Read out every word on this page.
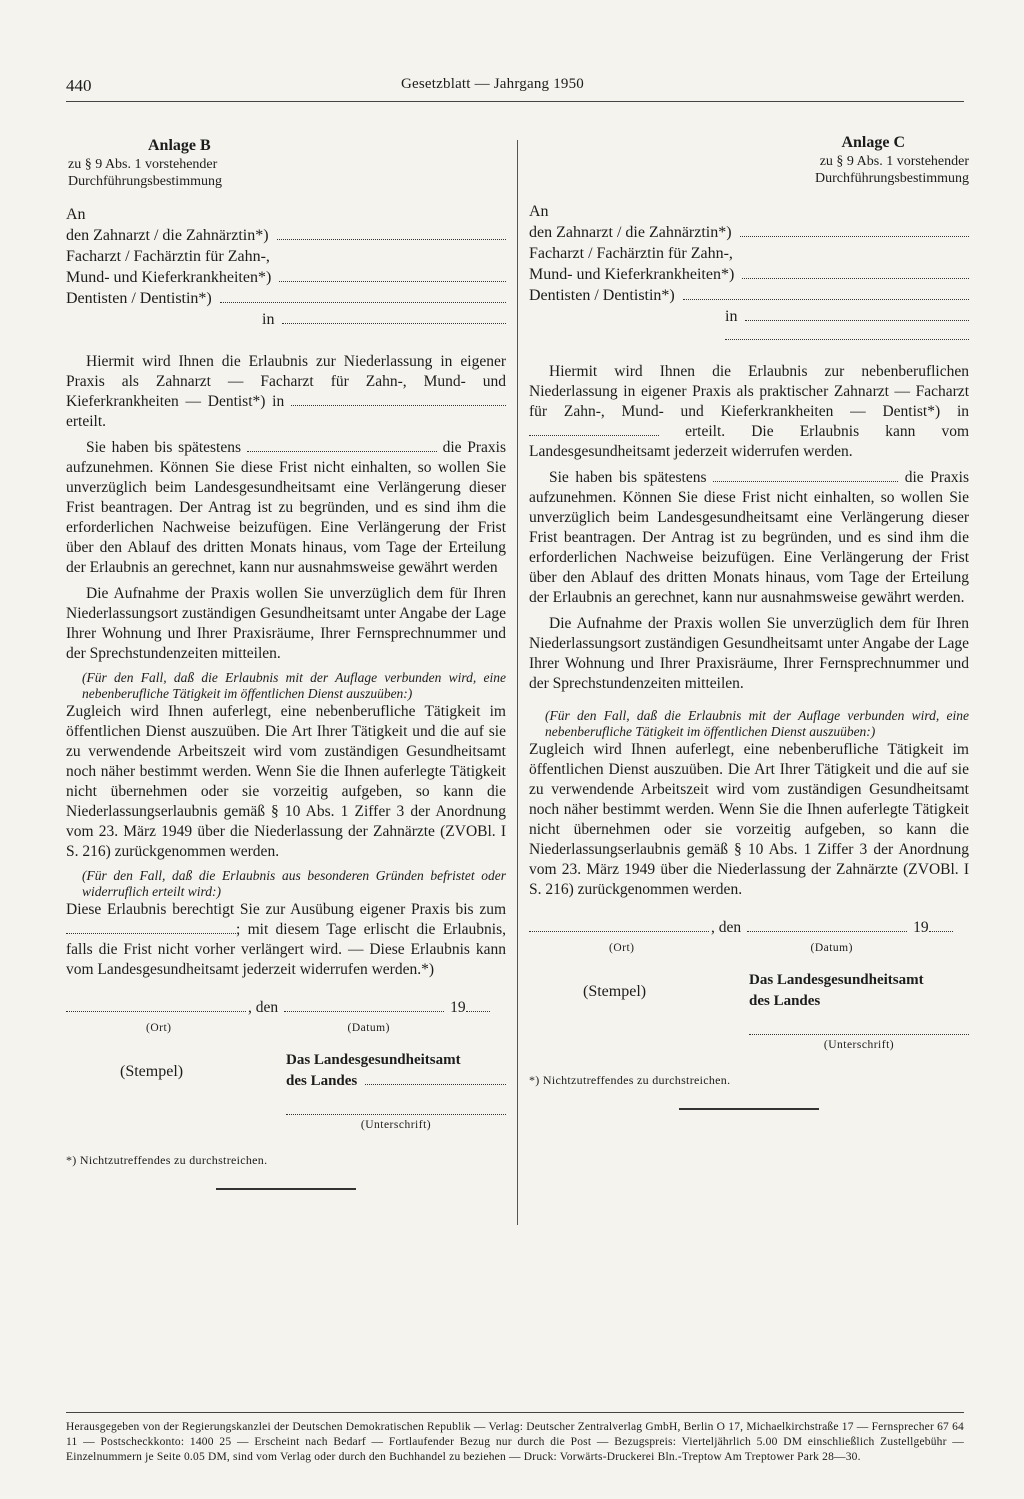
440	Gesetzblatt — Jahrgang 1950
Anlage B
zu § 9 Abs. 1 vorstehender
Durchführungsbestimmung
An
den Zahnarzt / die Zahnärztin*)
Facharzt / Fachärztin für Zahn-,
Mund- und Kieferkrankheiten*)
Dentisten / Dentistin*)
in

Hiermit wird Ihnen die Erlaubnis zur Niederlassung in eigener Praxis als Zahnarzt — Facharzt für Zahn-, Mund- und Kieferkrankheiten — Dentist*) in  erteilt.

Sie haben bis spätestens	die Praxis aufzunehmen. Können Sie diese Frist nicht einhalten, so wollen Sie unverzüglich beim Landesgesundheitsamt eine Verlängerung dieser Frist beantragen. Der Antrag ist zu begründen, und es sind ihm die erforderlichen Nachweise beizufügen. Eine Verlängerung der Frist über den Ablauf des dritten Monats hinaus, vom Tage der Erteilung der Erlaubnis an gerechnet, kann nur ausnahmsweise gewährt werden

Die Aufnahme der Praxis wollen Sie unverzüglich dem für Ihren Niederlassungsort zuständigen Gesundheitsamt unter Angabe der Lage Ihrer Wohnung und Ihrer Praxisräume, Ihrer Fernsprechnummer und der Sprechstundenzeiten mitteilen.

(Für den Fall, daß die Erlaubnis mit der Auflage verbunden wird, eine nebenberufliche Tätigkeit im öffentlichen Dienst auszuüben:)

Zugleich wird Ihnen auferlegt, eine nebenberufliche Tätigkeit im öffentlichen Dienst auszuüben. Die Art Ihrer Tätigkeit und die auf sie zu verwendende Arbeitszeit wird vom zuständigen Gesundheitsamt noch näher bestimmt werden. Wenn Sie die Ihnen auferlegte Tätigkeit nicht übernehmen oder sie vorzeitig aufgeben, so kann die Niederlassungserlaubnis gemäß § 10 Abs. 1 Ziffer 3 der Anordnung vom 23. März 1949 über die Niederlassung der Zahnärzte (ZVOBl. I S. 216) zurückgenommen werden.

(Für den Fall, daß die Erlaubnis aus besonderen Gründen befristet oder widerruflich erteilt wird:)

Diese Erlaubnis berechtigt Sie zur Ausübung eigener Praxis bis zum ; mit diesem Tage erlischt die Erlaubnis, falls die Frist nicht vorher verlängert wird. — Diese Erlaubnis kann vom Landesgesundheitsamt jederzeit widerrufen werden.*)

, den	19
(Ort)	(Datum)
(Stempel)
Das Landesgesundheitsamt
des Landes
(Unterschrift)
*) Nichtzutreffendes zu durchstreichen.
Anlage C
zu § 9 Abs. 1 vorstehender
Durchführungsbestimmung
An
den Zahnarzt / die Zahnärztin*)
Facharzt / Fachärztin für Zahn-,
Mund- und Kieferkrankheiten*)
Dentisten / Dentistin*)
in

Hiermit wird Ihnen die Erlaubnis zur nebenberuflichen Niederlassung in eigener Praxis als praktischer Zahnarzt — Facharzt für Zahn-, Mund- und Kieferkrankheiten — Dentist*) in  erteilt. Die Erlaubnis kann vom Landesgesundheitsamt jederzeit widerrufen werden.

Sie haben bis spätestens	die Praxis aufzunehmen. Können Sie diese Frist nicht einhalten, so wollen Sie unverzüglich beim Landesgesundheitsamt eine Verlängerung dieser Frist beantragen. Der Antrag ist zu begründen, und es sind ihm die erforderlichen Nachweise beizufügen. Eine Verlängerung der Frist über den Ablauf des dritten Monats hinaus, vom Tage der Erteilung der Erlaubnis an gerechnet, kann nur ausnahmsweise gewährt werden.

Die Aufnahme der Praxis wollen Sie unverzüglich dem für Ihren Niederlassungsort zuständigen Gesundheitsamt unter Angabe der Lage Ihrer Wohnung und Ihrer Praxisräume, Ihrer Fernsprechnummer und der Sprechstundenzeiten mitteilen.

(Für den Fall, daß die Erlaubnis mit der Auflage verbunden wird, eine nebenberufliche Tätigkeit im öffentlichen Dienst auszuüben:)

Zugleich wird Ihnen auferlegt, eine nebenberufliche Tätigkeit im öffentlichen Dienst auszuüben. Die Art Ihrer Tätigkeit und die auf sie zu verwendende Arbeitszeit wird vom zuständigen Gesundheitsamt noch näher bestimmt werden. Wenn Sie die Ihnen auferlegte Tätigkeit nicht übernehmen oder sie vorzeitig aufgeben, so kann die Niederlassungserlaubnis gemäß § 10 Abs. 1 Ziffer 3 der Anordnung vom 23. März 1949 über die Niederlassung der Zahnärzte (ZVOBl. I S. 216) zurückgenommen werden.

, den	19
(Ort)	(Datum)
(Stempel)
Das Landesgesundheitsamt
des Landes
(Unterschrift)
*) Nichtzutreffendes zu durchstreichen.
Herausgegeben von der Regierungskanzlei der Deutschen Demokratischen Republik — Verlag: Deutscher Zentralverlag GmbH, Berlin O 17, Michaelkirchstraße 17 — Fernsprecher 67 64 11 — Postscheckkonto: 1400 25 — Erscheint nach Bedarf — Fortlaufender Bezug nur durch die Post — Bezugspreis: Vierteljährlich 5.00 DM einschließlich Zustellgebühr — Einzelnummern je Seite 0.05 DM, sind vom Verlag oder durch den Buchhandel zu beziehen — Druck: Vorwärts-Druckerei Bln.-Treptow Am Treptower Park 28—30.
